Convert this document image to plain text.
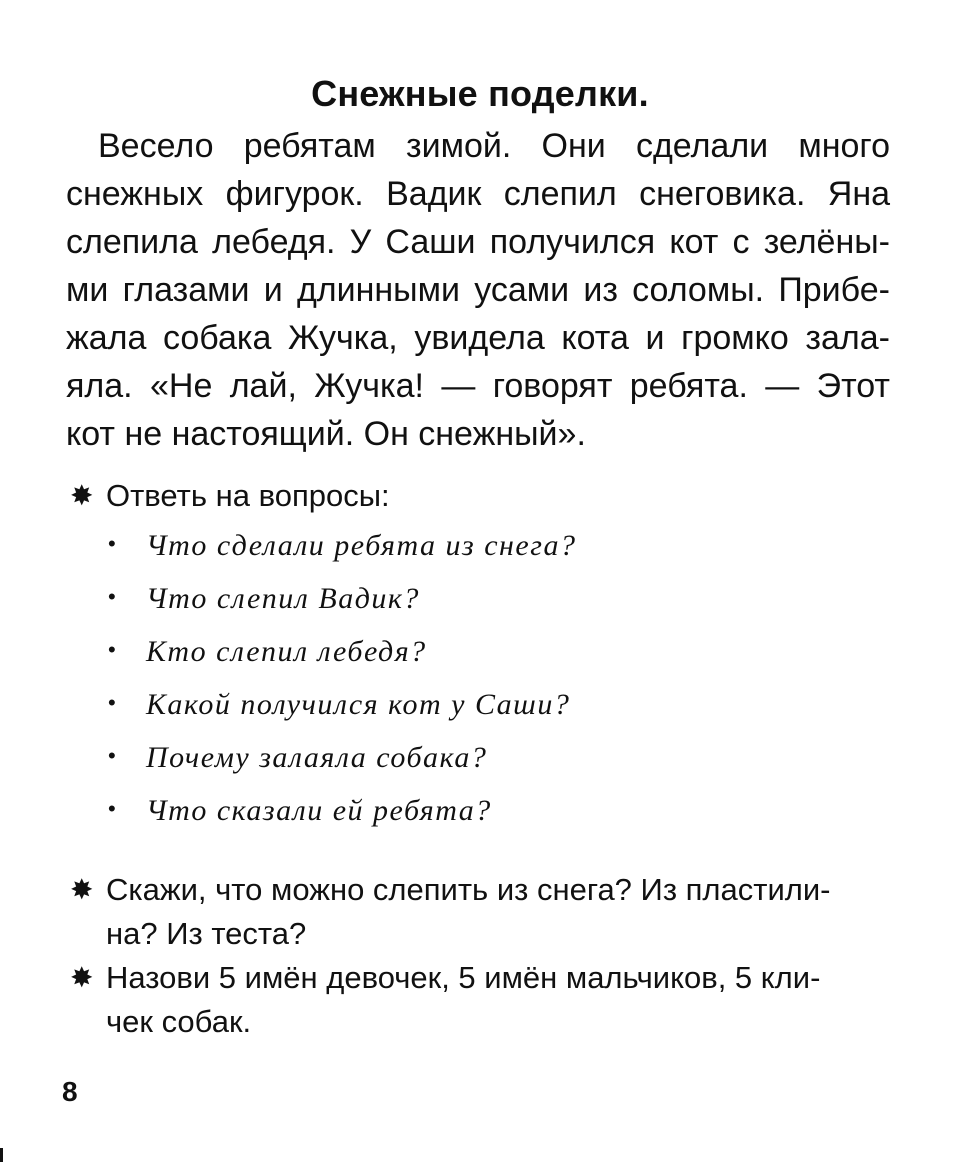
Снежные поделки.
Весело ребятам зимой. Они сделали много
снежных фигурок. Вадик слепил снеговика. Яна
слепила лебедя. У Саши получился кот с зелёны-
ми глазами и длинными усами из соломы. Прибе-
жала собака Жучка, увидела кота и громко зала-
яла. «Не лай, Жучка! — говорят ребята. — Этот
кот не настоящий. Он снежный».
✸ Ответь на вопросы:
• Что сделали ребята из снега?
• Что слепил Вадик?
• Кто слепил лебедя?
• Какой получился кот у Саши?
• Почему залаяла собака?
• Что сказали ей ребята?
✸ Скажи, что можно слепить из снега? Из пластили-
на? Из теста?
✸ Назови 5 имён девочек, 5 имён мальчиков, 5 кли-
чек собак.
8
